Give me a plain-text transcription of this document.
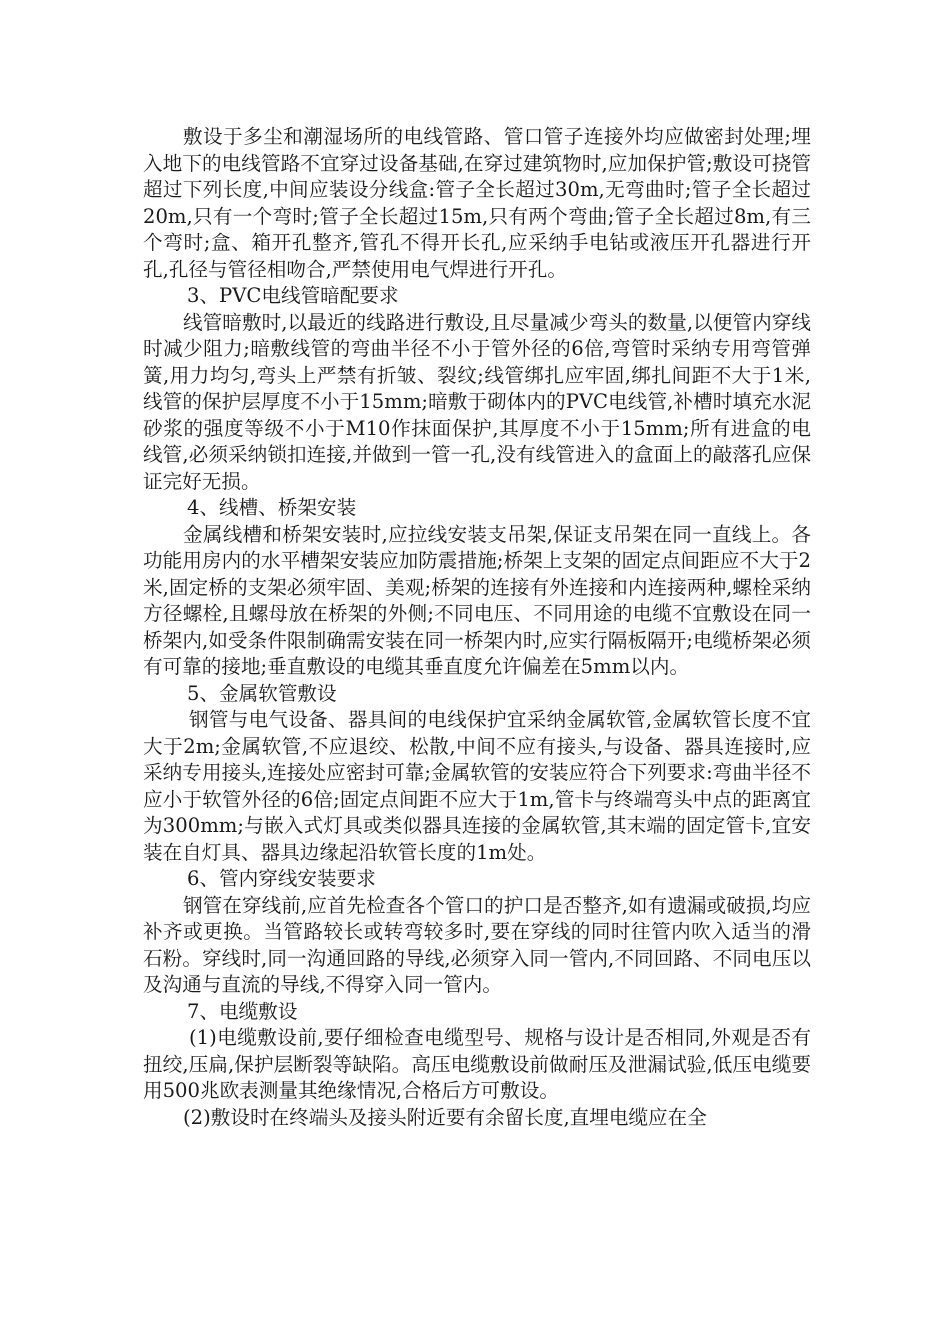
敷设于多尘和潮湿场所的电线管路、管口管子连接外均应做密封处理;埋入地下的电线管路不宜穿过设备基础,在穿过建筑物时,应加保护管;敷设可挠管超过下列长度,中间应装设分线盒:管子全长超过30m,无弯曲时;管子全长超过20m,只有一个弯时;管子全长超过15m,只有两个弯曲;管子全长超过8m,有三个弯时;盒、箱开孔整齐,管孔不得开长孔,应采纳手电钻或液压开孔器进行开孔,孔径与管径相吻合,严禁使用电气焊进行开孔。

3、PVC电线管暗配要求

线管暗敷时,以最近的线路进行敷设,且尽量减少弯头的数量,以便管内穿线时减少阻力;暗敷线管的弯曲半径不小于管外径的6倍,弯管时采纳专用弯管弹簧,用力均匀,弯头上严禁有折皱、裂纹;线管绑扎应牢固,绑扎间距不大于1米,线管的保护层厚度不小于15mm;暗敷于砌体内的PVC电线管,补槽时填充水泥砂浆的强度等级不小于M10作抹面保护,其厚度不小于15mm;所有进盒的电线管,必须采纳锁扣连接,并做到一管一孔,没有线管进入的盒面上的敲落孔应保证完好无损。

4、线槽、桥架安装

金属线槽和桥架安装时,应拉线安装支吊架,保证支吊架在同一直线上。各功能用房内的水平槽架安装应加防震措施;桥架上支架的固定点间距应不大于2米,固定桥的支架必须牢固、美观;桥架的连接有外连接和内连接两种,螺栓采纳方径螺栓,且螺母放在桥架的外侧;不同电压、不同用途的电缆不宜敷设在同一桥架内,如受条件限制确需安装在同一桥架内时,应实行隔板隔开;电缆桥架必须有可靠的接地;垂直敷设的电缆其垂直度允许偏差在5mm以内。

5、金属软管敷设

钢管与电气设备、器具间的电线保护宜采纳金属软管,金属软管长度不宜大于2m;金属软管,不应退绞、松散,中间不应有接头,与设备、器具连接时,应采纳专用接头,连接处应密封可靠;金属软管的安装应符合下列要求:弯曲半径不应小于软管外径的6倍;固定点间距不应大于1m,管卡与终端弯头中点的距离宜为300mm;与嵌入式灯具或类似器具连接的金属软管,其末端的固定管卡,宜安装在自灯具、器具边缘起沿软管长度的1m处。

6、管内穿线安装要求

钢管在穿线前,应首先检查各个管口的护口是否整齐,如有遗漏或破损,均应补齐或更换。当管路较长或转弯较多时,要在穿线的同时往管内吹入适当的滑石粉。穿线时,同一沟通回路的导线,必须穿入同一管内,不同回路、不同电压以及沟通与直流的导线,不得穿入同一管内。

7、电缆敷设

(1)电缆敷设前,要仔细检查电缆型号、规格与设计是否相同,外观是否有扭绞,压扁,保护层断裂等缺陷。高压电缆敷设前做耐压及泄漏试验,低压电缆要用500兆欧表测量其绝缘情况,合格后方可敷设。

(2)敷设时在终端头及接头附近要有余留长度,直埋电缆应在全
